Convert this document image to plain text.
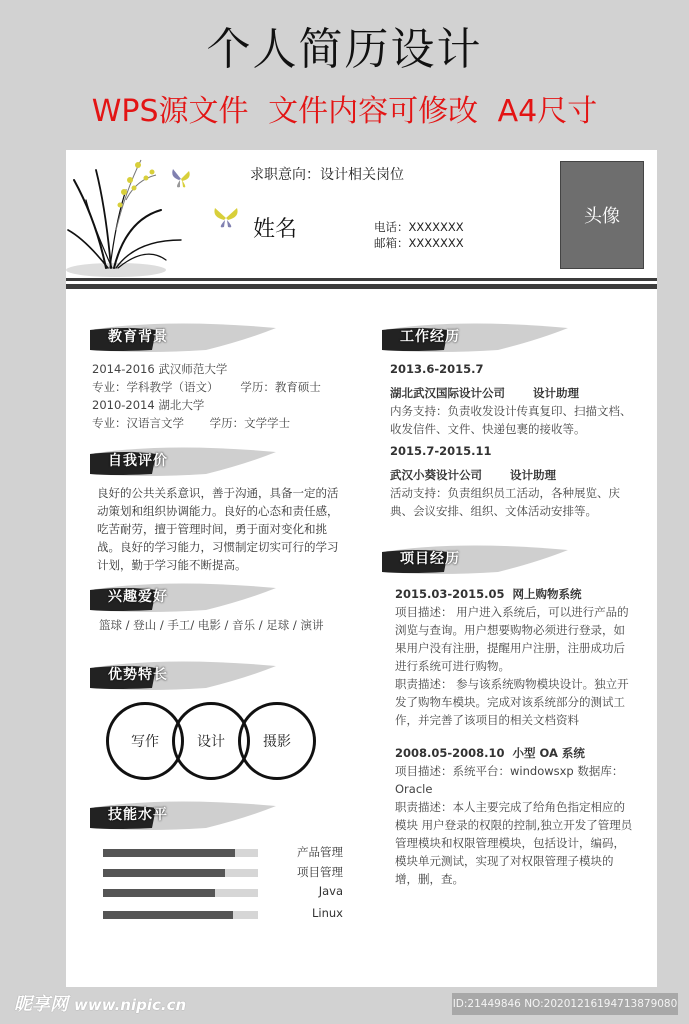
个人简历设计
WPS源文件 文件内容可修改 A4尺寸
求职意向：设计相关岗位
姓名	电话：XXXXXXX
邮箱：XXXXXXX
头像
教育背景
2014-2016 武汉师范大学
专业：学科教学（语文）      学历：教育硕士
2010-2014 湖北大学
专业：汉语言文学       学历：文学学士
自我评价
良好的公共关系意识，善于沟通，具备一定的活动策划和组织协调能力。良好的心态和责任感，吃苦耐劳，擅于管理时间，勇于面对变化和挑战。良好的学习能力，习惯制定切实可行的学习计划，勤于学习能不断提高。
兴趣爱好
篮球 / 登山 / 手工/ 电影 / 音乐 / 足球 / 演讲
优势特长
写作	设计	摄影
技能水平
产品管理
项目管理
Java
Linux
工作经历
2013.6-2015.7
湖北武汉国际设计公司 设计助理
内务支持：负责收发设计传真复印、扫描文档、收发信件、文件、快递包裹的接收等。
2015.7-2015.11
武汉小葵设计公司 设计助理
活动支持：负责组织员工活动，各种展览、庆典、会议安排、组织、文体活动安排等。
项目经历
2015.03-2015.05  网上购物系统
项目描述： 用户进入系统后，可以进行产品的浏览与查询。用户想要购物必须进行登录，如果用户没有注册，提醒用户注册，注册成功后进行系统可进行购物。
职责描述： 参与该系统购物模块设计。独立开发了购物车模块。完成对该系统部分的测试工作，并完善了该项目的相关文档资料
2008.05-2008.10  小型 OA 系统
项目描述：系统平台：windowsxp 数据库：Oracle
职责描述：本人主要完成了给角色指定相应的模块 用户登录的权限的控制,独立开发了管理员管理模块和权限管理模块，包括设计，编码，模块单元测试，实现了对权限管理子模块的增，删，查。
昵享网 www.nipic.cn	ID:21449846 NO:20201216194713879080
